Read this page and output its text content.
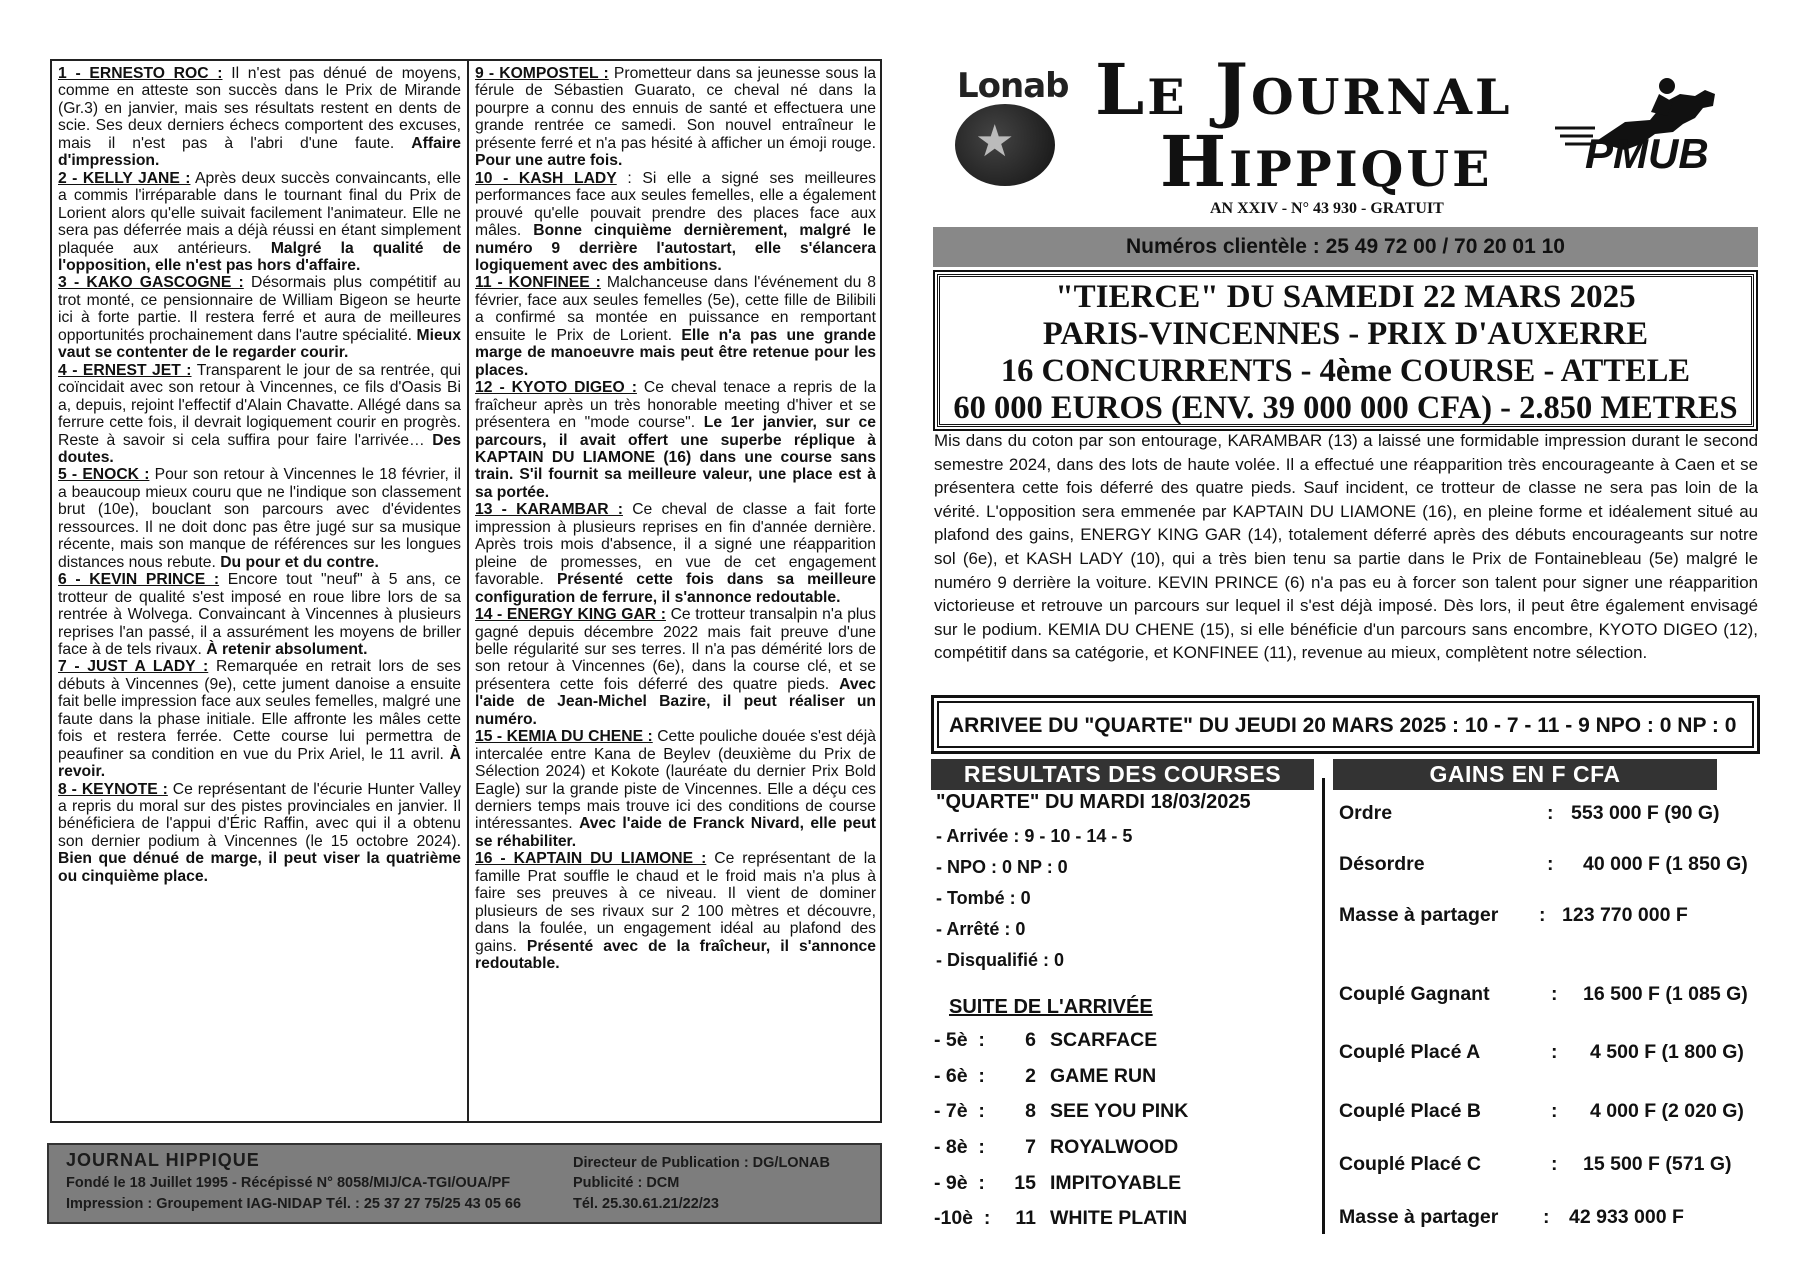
1 - ERNESTO ROC : Il n'est pas dénué de moyens, comme en atteste son succès dans le Prix de Mirande (Gr.3) en janvier, mais ses résultats restent en dents de scie. Ses deux derniers échecs comportent des excuses, mais il n'est pas à l'abri d'une faute. Affaire d'impression.

2 - KELLY JANE : Après deux succès convaincants, elle a commis l'irréparable dans le tournant final du Prix de Lorient alors qu'elle suivait facilement l'animateur. Elle ne sera pas déferrée mais a déjà réussi en étant simplement plaquée aux antérieurs. Malgré la qualité de l'opposition, elle n'est pas hors d'affaire.

3 - KAKO GASCOGNE : Désormais plus compétitif au trot monté, ce pensionnaire de William Bigeon se heurte ici à forte partie. Il restera ferré et aura de meilleures opportunités prochainement dans l'autre spécialité. Mieux vaut se contenter de le regarder courir.

4 - ERNEST JET : Transparent le jour de sa rentrée, qui coïncidait avec son retour à Vincennes, ce fils d'Oasis Bi a, depuis, rejoint l'effectif d'Alain Chavatte. Allégé dans sa ferrure cette fois, il devrait logiquement courir en progrès. Reste à savoir si cela suffira pour faire l'arrivée… Des doutes.

5 - ENOCK : Pour son retour à Vincennes le 18 février, il a beaucoup mieux couru que ne l'indique son classement brut (10e), bouclant son parcours avec d'évidentes ressources. Il ne doit donc pas être jugé sur sa musique récente, mais son manque de références sur les longues distances nous rebute. Du pour et du contre.

6 - KEVIN PRINCE : Encore tout "neuf" à 5 ans, ce trotteur de qualité s'est imposé en roue libre lors de sa rentrée à Wolvega. Convaincant à Vincennes à plusieurs reprises l'an passé, il a assurément les moyens de briller face à de tels rivaux. À retenir absolument.

7 - JUST A LADY : Remarquée en retrait lors de ses débuts à Vincennes (9e), cette jument danoise a ensuite fait belle impression face aux seules femelles, malgré une faute dans la phase initiale. Elle affronte les mâles cette fois et restera ferrée. Cette course lui permettra de peaufiner sa condition en vue du Prix Ariel, le 11 avril. À revoir.

8 - KEYNOTE : Ce représentant de l'écurie Hunter Valley a repris du moral sur des pistes provinciales en janvier. Il bénéficiera de l'appui d'Éric Raffin, avec qui il a obtenu son dernier podium à Vincennes (le 15 octobre 2024). Bien que dénué de marge, il peut viser la quatrième ou cinquième place.

9 - KOMPOSTEL : Prometteur dans sa jeunesse sous la férule de Sébastien Guarato, ce cheval né dans la pourpre a connu des ennuis de santé et effectuera une grande rentrée ce samedi. Son nouvel entraîneur le présente ferré et n'a pas hésité à afficher un émoji rouge. Pour une autre fois.

10 - KASH LADY : Si elle a signé ses meilleures performances face aux seules femelles, elle a également prouvé qu'elle pouvait prendre des places face aux mâles. Bonne cinquième dernièrement, malgré le numéro 9 derrière l'autostart, elle s'élancera logiquement avec des ambitions.

11 - KONFINEE : Malchanceuse dans l'événement du 8 février, face aux seules femelles (5e), cette fille de Bilibili a confirmé sa montée en puissance en remportant ensuite le Prix de Lorient. Elle n'a pas une grande marge de manoeuvre mais peut être retenue pour les places.

12 - KYOTO DIGEO : Ce cheval tenace a repris de la fraîcheur après un très honorable meeting d'hiver et se présentera en "mode course". Le 1er janvier, sur ce parcours, il avait offert une superbe réplique à KAPTAIN DU LIAMONE (16) dans une course sans train. S'il fournit sa meilleure valeur, une place est à sa portée.

13 - KARAMBAR : Ce cheval de classe a fait forte impression à plusieurs reprises en fin d'année dernière. Après trois mois d'absence, il a signé une réapparition pleine de promesses, en vue de cet engagement favorable. Présenté cette fois dans sa meilleure configuration de ferrure, il s'annonce redoutable.

14 - ENERGY KING GAR : Ce trotteur transalpin n'a plus gagné depuis décembre 2022 mais fait preuve d'une belle régularité sur ses terres. Il n'a pas démérité lors de son retour à Vincennes (6e), dans la course clé, et se présentera cette fois déferré des quatre pieds. Avec l'aide de Jean-Michel Bazire, il peut réaliser un numéro.

15 - KEMIA DU CHENE : Cette pouliche douée s'est déjà intercalée entre Kana de Beylev (deuxième du Prix de Sélection 2024) et Kokote (lauréate du dernier Prix Bold Eagle) sur la grande piste de Vincennes. Elle a déçu ces derniers temps mais trouve ici des conditions de course intéressantes. Avec l'aide de Franck Nivard, elle peut se réhabiliter.

16 - KAPTAIN DU LIAMONE : Ce représentant de la famille Prat souffle le chaud et le froid mais n'a plus à faire ses preuves à ce niveau. Il vient de dominer plusieurs de ses rivaux sur 2 100 mètres et découvre, dans la foulée, un engagement idéal au plafond des gains. Présenté avec de la fraîcheur, il s'annonce redoutable.

JOURNAL HIPPIQUE
Fondé le 18 Juillet 1995 - Récépissé N° 8058/MIJ/CA-TGI/OUA/PF
Impression : Groupement IAG-NIDAP Tél. : 25 37 27 75/25 43 05 66
Directeur de Publication : DG/LONAB
Publicité : DCM
Tél. 25.30.61.21/22/23
★
Lonab Le Journal
Hippique
AN XXIV - N° 43 930 - GRATUIT
PMUB
Numéros clientèle : 25 49 72 00 / 70 20 01 10
"TIERCE" DU SAMEDI 22 MARS 2025
PARIS-VINCENNES - PRIX D'AUXERRE
16 CONCURRENTS - 4ème COURSE - ATTELE
60 000 EUROS (ENV. 39 000 000 CFA) - 2.850 METRES

Mis dans du coton par son entourage, KARAMBAR (13) a laissé une formidable impression durant le second semestre 2024, dans des lots de haute volée. Il a effectué une réapparition très encourageante à Caen et se présentera cette fois déferré des quatre pieds. Sauf incident, ce trotteur de classe ne sera pas loin de la vérité. L'opposition sera emmenée par KAPTAIN DU LIAMONE (16), en pleine forme et idéalement situé au plafond des gains, ENERGY KING GAR (14), totalement déferré après des débuts encourageants sur notre sol (6e), et KASH LADY (10), qui a très bien tenu sa partie dans le Prix de Fontainebleau (5e) malgré le numéro 9 derrière la voiture. KEVIN PRINCE (6) n'a pas eu à forcer son talent pour signer une réapparition victorieuse et retrouve un parcours sur lequel il s'est déjà imposé. Dès lors, il peut être également envisagé sur le podium. KEMIA DU CHENE (15), si elle bénéficie d'un parcours sans encombre, KYOTO DIGEO (12), compétitif dans sa catégorie, et KONFINEE (11), revenue au mieux, complètent notre sélection.

ARRIVEE DU "QUARTE" DU JEUDI 20 MARS 2025 : 10 - 7 - 11 - 9 NPO : 0 NP : 0
RESULTATS DES COURSES	GAINS EN F CFA
"QUARTE" DU MARDI 18/03/2025
- Arrivée : 9 - 10 - 14 - 5
- NPO : 0 NP : 0
- Tombé : 0
- Arrêté : 0
- Disqualifié : 0
SUITE DE L'ARRIVÉE
- 5è  : 6 SCARFACE
- 6è  : 2 GAME RUN
- 7è  : 8 SEE YOU PINK
- 8è  : 7 ROYALWOOD
- 9è  : 15 IMPITOYABLE
-10è  : 11 WHITE PLATIN
Ordre	: 553 000 F (90 G)
Désordre	: 40 000 F (1 850 G)
Masse à partager : 123 770 000 F
Couplé Gagnant	: 16 500 F (1 085 G)
Couplé Placé A	: 4 500 F (1 800 G)
Couplé Placé B	: 4 000 F (2 020 G)
Couplé Placé C	: 15 500 F (571 G)
Masse à partager : 42 933 000 F
